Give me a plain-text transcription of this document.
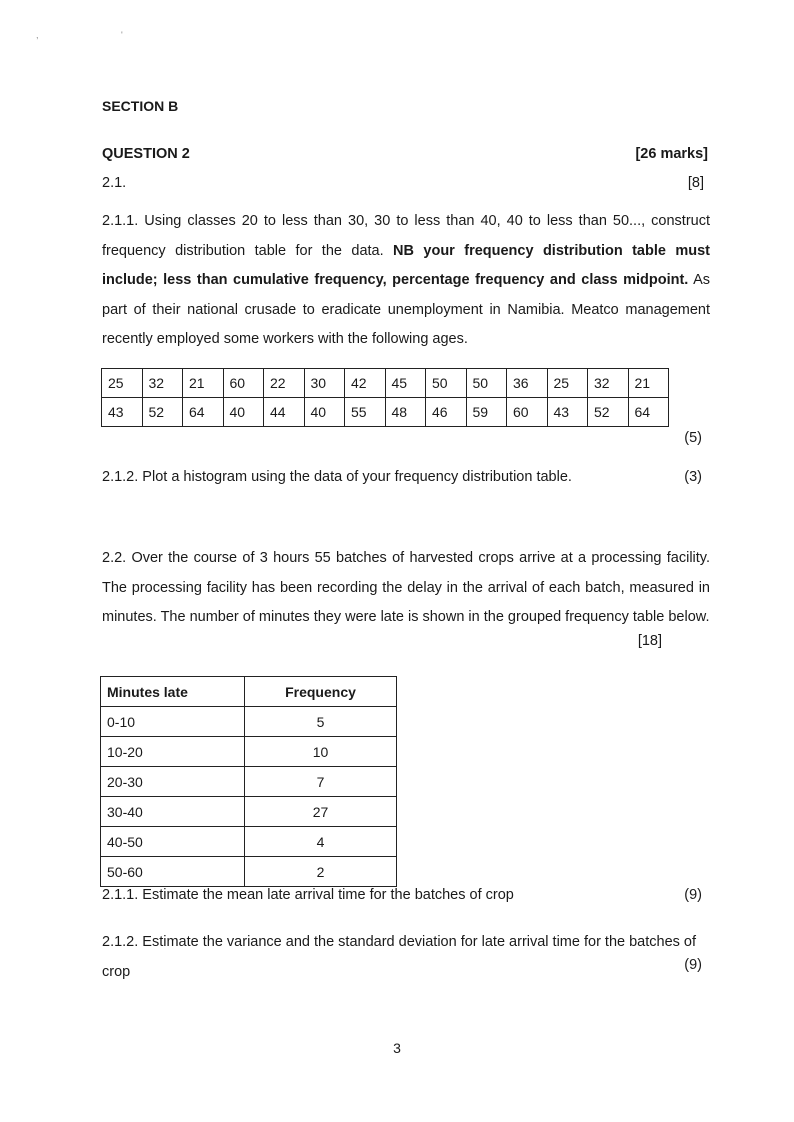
, '
SECTION B
QUESTION 2	[26 marks]
2.1.	[8]
2.1.1. Using classes 20 to less than 30, 30 to less than 40, 40 to less than 50..., construct frequency distribution table for the data. NB your frequency distribution table must include; less than cumulative frequency, percentage frequency and class midpoint. As part of their national crusade to eradicate unemployment in Namibia. Meatco management recently employed some workers with the following ages.
25	32	21	60	22	30	42	45	50	50	36	25	32	21
43	52	64	40	44	40	55	48	46	59	60	43	52	64
(5)
2.1.2. Plot a histogram using the data of your frequency distribution table.	(3)
2.2. Over the course of 3 hours 55 batches of harvested crops arrive at a processing facility. The processing facility has been recording the delay in the arrival of each batch, measured in minutes. The number of minutes they were late is shown in the grouped frequency table below.
[18]
Minutes late	Frequency
0-10	5
10-20	10
20-30	7
30-40	27
40-50	4
50-60	2
2.1.1. Estimate the mean late arrival time for the batches of crop	(9)
2.1.2. Estimate the variance and the standard deviation for late arrival time for the batches of crop	(9)
3
